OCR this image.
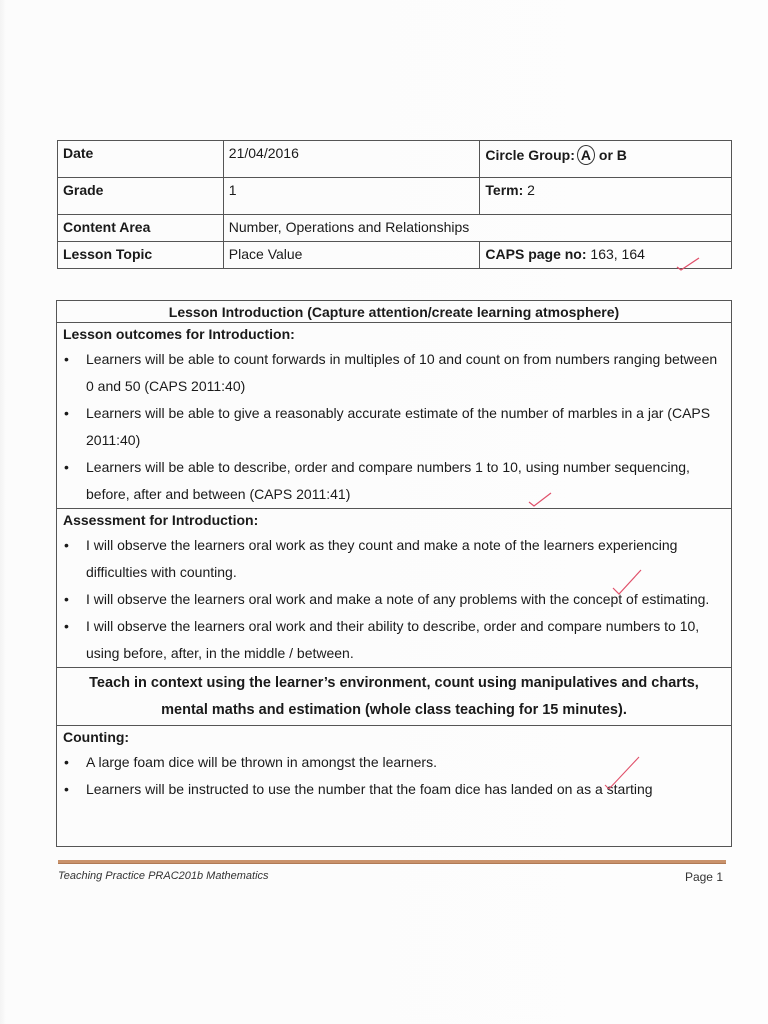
Date	21/04/2016	Circle Group: A or B
Grade	1	Term: 2
Content Area	Number, Operations and Relationships	
Lesson Topic	Place Value	CAPS page no: 163, 164
Lesson Introduction (Capture attention/create learning atmosphere)
Lesson outcomes for Introduction:
• Learners will be able to count forwards in multiples of 10 and count on from numbers ranging between 0 and 50 (CAPS 2011:40)
• Learners will be able to give a reasonably accurate estimate of the number of marbles in a jar (CAPS 2011:40)
• Learners will be able to describe, order and compare numbers 1 to 10, using number sequencing, before, after and between (CAPS 2011:41)
Assessment for Introduction:
• I will observe the learners oral work as they count and make a note of the learners experiencing difficulties with counting.
• I will observe the learners oral work and make a note of any problems with the concept of estimating.
• I will observe the learners oral work and their ability to describe, order and compare numbers to 10, using before, after, in the middle / between.
Teach in context using the learner’s environment, count using manipulatives and charts, mental maths and estimation (whole class teaching for 15 minutes).
Counting:
• A large foam dice will be thrown in amongst the learners.
• Learners will be instructed to use the number that the foam dice has landed on as a starting
Teaching Practice PRAC201b Mathematics	Page 1
